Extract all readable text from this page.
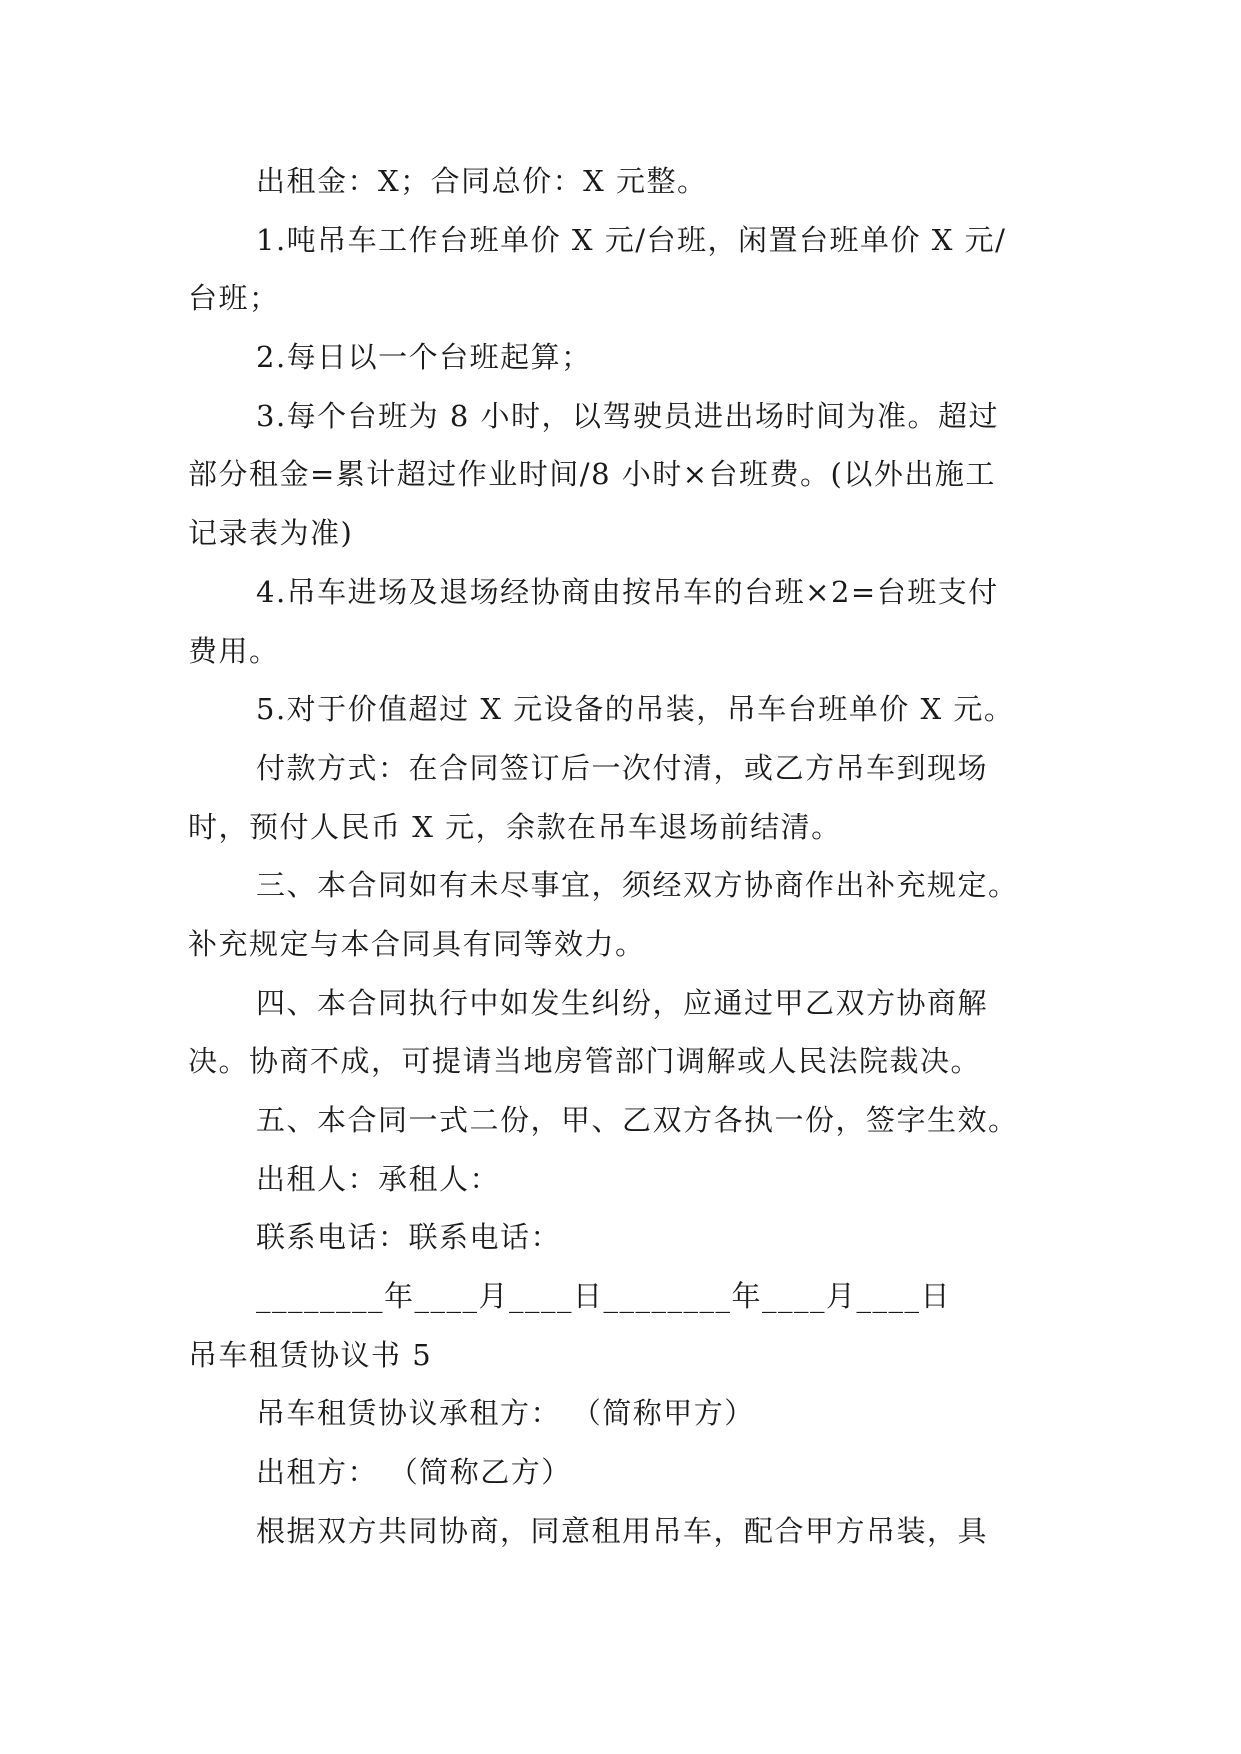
出租金：X；合同总价：X 元整。
1.吨吊车工作台班单价 X 元/台班，闲置台班单价 X 元/
台班；
2.每日以一个台班起算；
3.每个台班为 8 小时，以驾驶员进出场时间为准。超过
部分租金=累计超过作业时间/8 小时×台班费。(以外出施工
记录表为准)
4.吊车进场及退场经协商由按吊车的台班×2=台班支付
费用。
5.对于价值超过 X 元设备的吊装，吊车台班单价 X 元。
付款方式：在合同签订后一次付清，或乙方吊车到现场
时，预付人民币 X 元，余款在吊车退场前结清。
三、本合同如有未尽事宜，须经双方协商作出补充规定。
补充规定与本合同具有同等效力。
四、本合同执行中如发生纠纷，应通过甲乙双方协商解
决。协商不成，可提请当地房管部门调解或人民法院裁决。
五、本合同一式二份，甲、乙双方各执一份，签字生效。
出租人：承租人：
联系电话：联系电话：
________年____月____日________年____月____日
吊车租赁协议书 5
吊车租赁协议承租方： （简称甲方）
出租方： （简称乙方）
根据双方共同协商，同意租用吊车，配合甲方吊装，具
